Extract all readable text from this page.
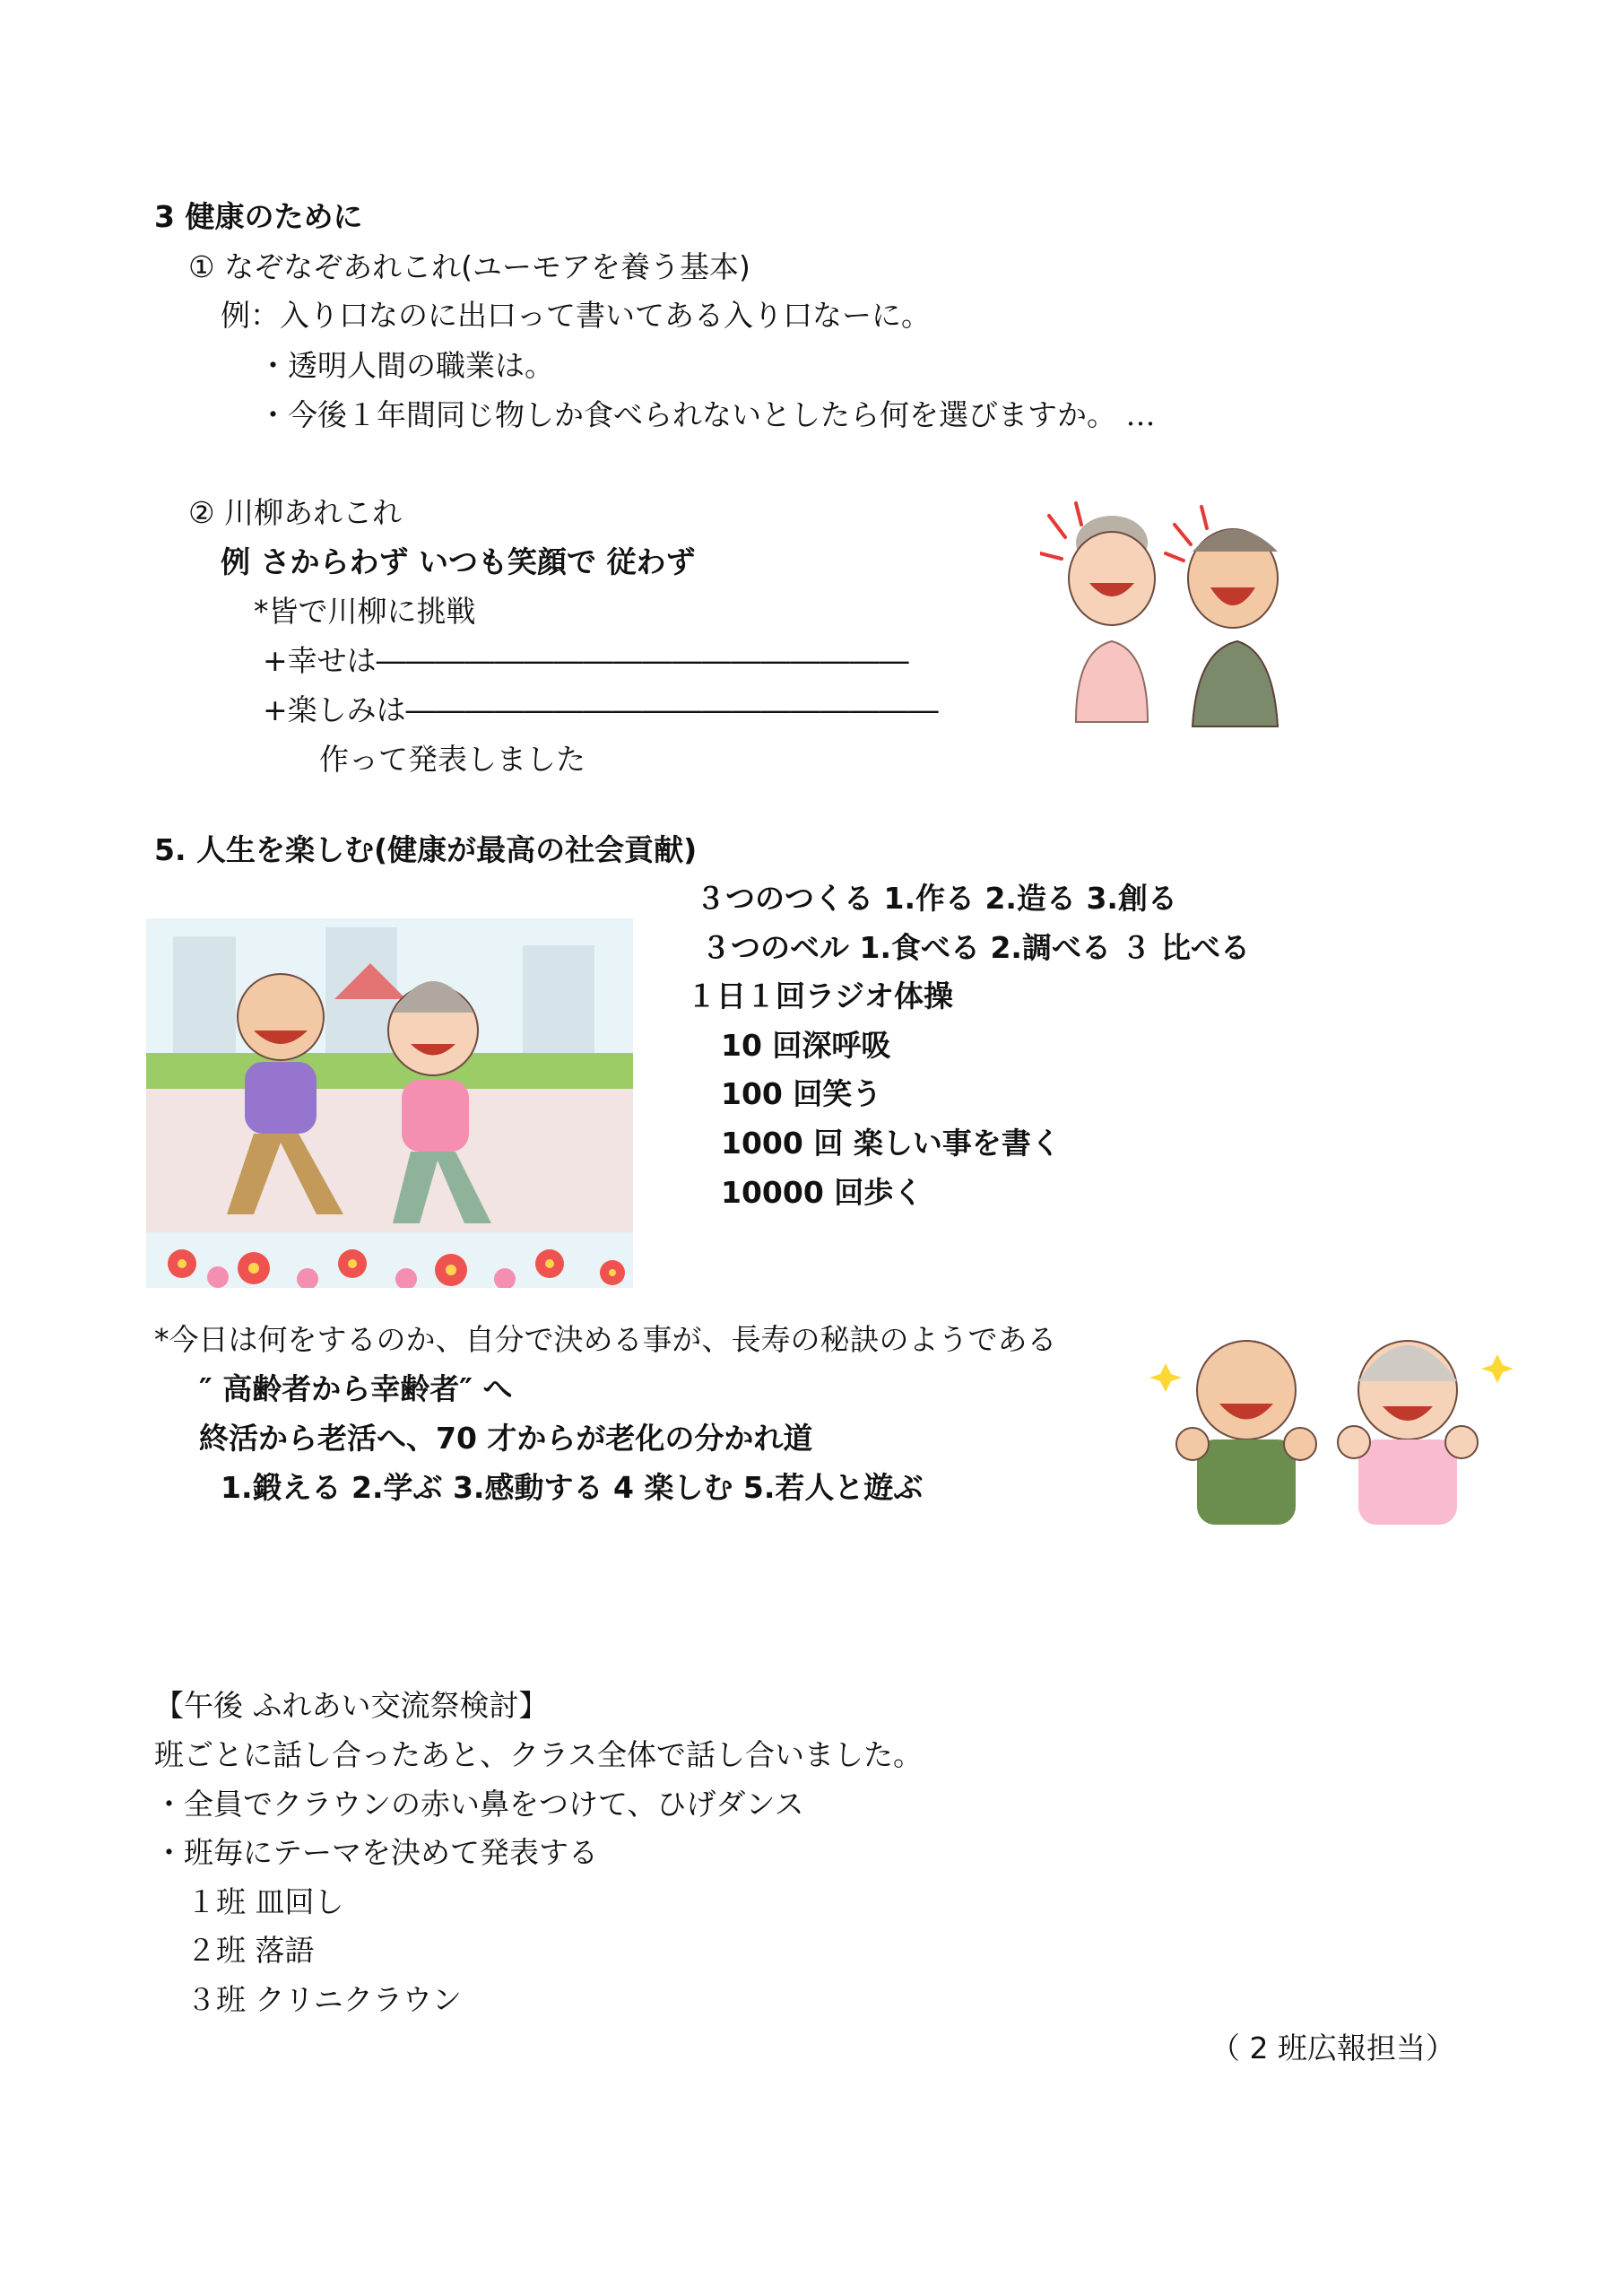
3 健康のために
① なぞなぞあれこれ(ユーモアを養う基本)
例：入り口なのに出口って書いてある入り口なーに。
・透明人間の職業は。
・今後１年間同じ物しか食べられないとしたら何を選びますか。 …
② 川柳あれこれ
例 さからわず いつも笑顔で 従わず
*皆で川柳に挑戦
+幸せは――――――――――――――――――
+楽しみは――――――――――――――――――
作って発表しました
5. 人生を楽しむ(健康が最高の社会貢献)
３つのつくる 1.作る 2.造る 3.創る
３つのベル 1.食べる 2.調べる ３ 比べる
１日１回ラジオ体操
10 回深呼吸
100 回笑う
1000 回 楽しい事を書く
10000 回歩く
*今日は何をするのか、自分で決める事が、長寿の秘訣のようである
″ 高齢者から幸齢者″ へ
終活から老活へ、70 才からが老化の分かれ道
1.鍛える 2.学ぶ 3.感動する 4 楽しむ 5.若人と遊ぶ
【午後 ふれあい交流祭検討】
班ごとに話し合ったあと、クラス全体で話し合いました。
・全員でクラウンの赤い鼻をつけて、ひげダンス
・班毎にテーマを決めて発表する
１班 皿回し
２班 落語
３班 クリニクラウン
（ 2 班広報担当）
